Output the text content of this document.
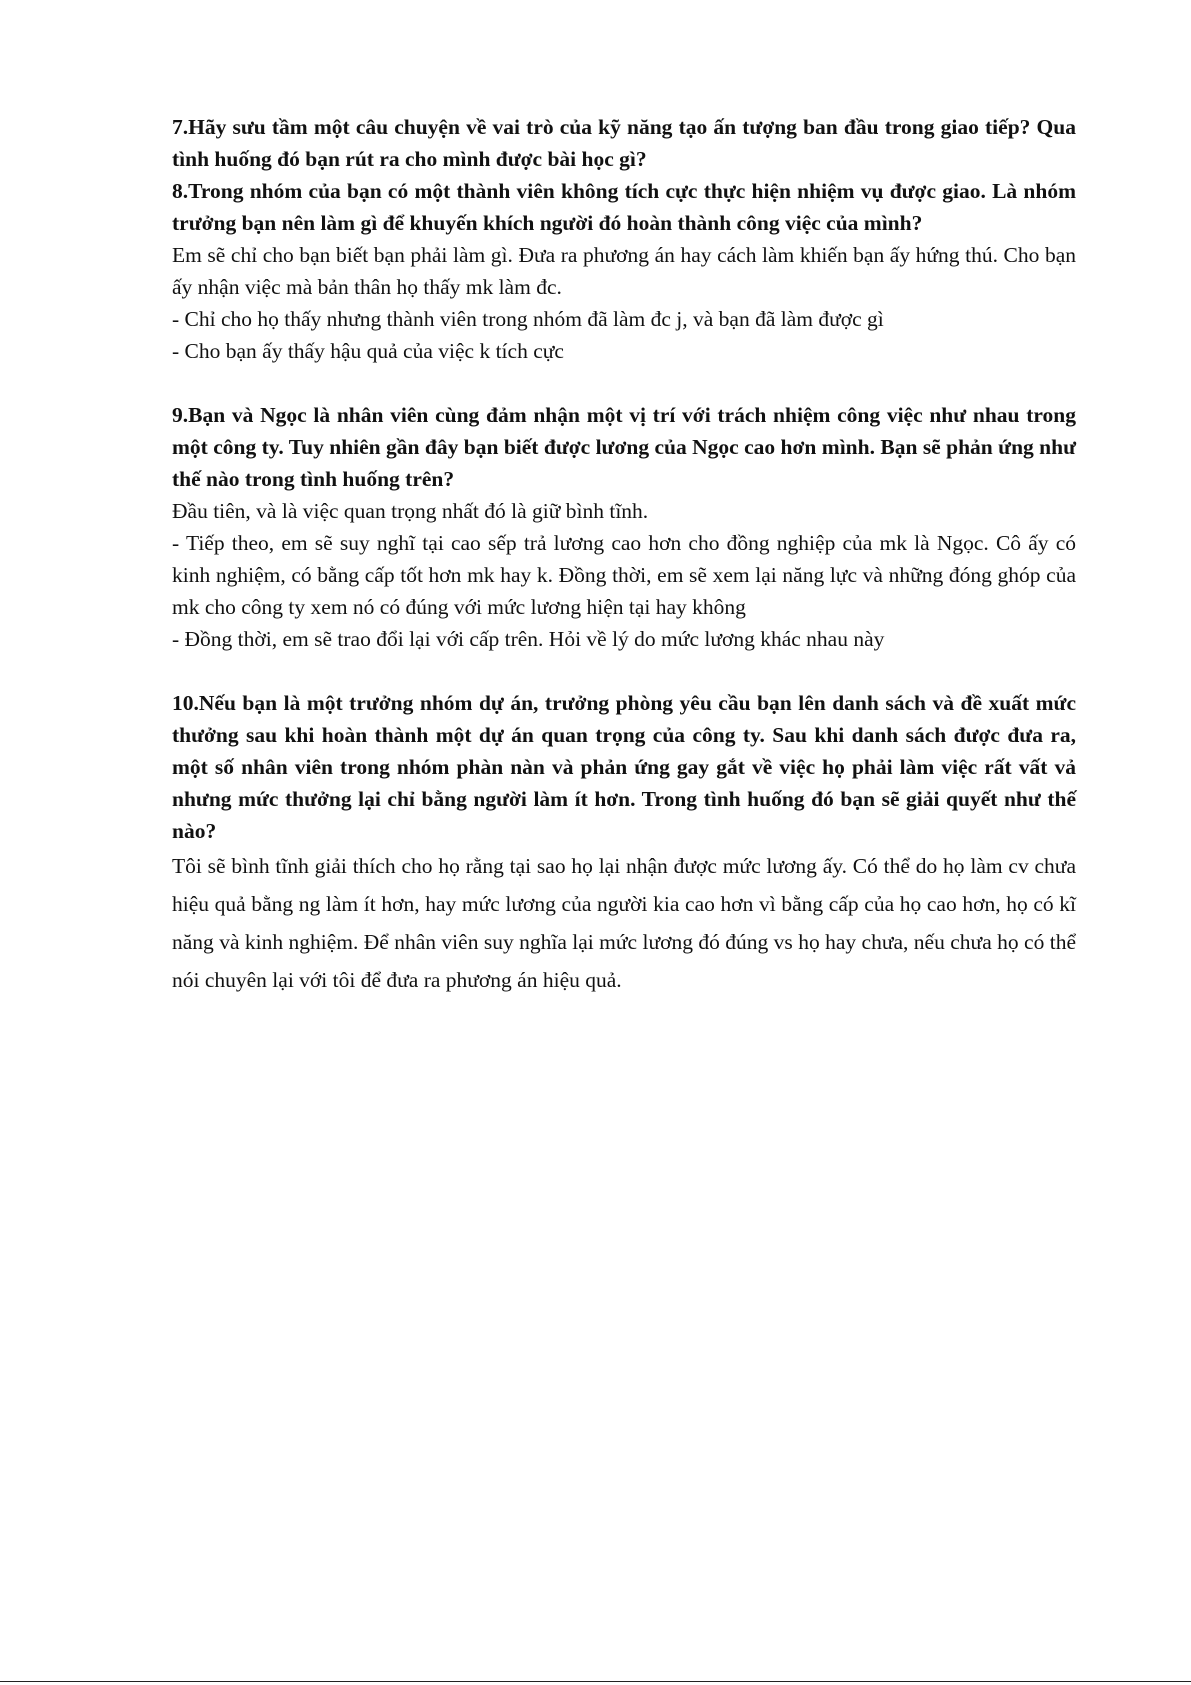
7.Hãy sưu tầm một câu chuyện về vai trò của kỹ năng tạo ấn tượng ban đầu trong giao tiếp? Qua tình huống đó bạn rút ra cho mình được bài học gì?

8.Trong nhóm của bạn có một thành viên không tích cực thực hiện nhiệm vụ được giao. Là nhóm trưởng bạn nên làm gì để khuyến khích người đó hoàn thành công việc của mình?

Em sẽ chỉ cho bạn biết bạn phải làm gì. Đưa ra phương án hay cách làm khiến bạn ấy hứng thú. Cho bạn ấy nhận việc mà bản thân họ thấy mk làm đc.

- Chỉ cho họ thấy nhưng thành viên trong nhóm đã làm đc j, và bạn đã làm được gì

- Cho bạn ấy thấy hậu quả của việc k tích cực

9.Bạn và Ngọc là nhân viên cùng đảm nhận một vị trí với trách nhiệm công việc như nhau trong một công ty. Tuy nhiên gần đây bạn biết được lương của Ngọc cao hơn mình. Bạn sẽ phản ứng như thế nào trong tình huống trên?

Đầu tiên, và là việc quan trọng nhất đó là giữ bình tĩnh.

- Tiếp theo, em sẽ suy nghĩ tại cao sếp trả lương cao hơn cho đồng nghiệp của mk là Ngọc. Cô ấy có kinh nghiệm, có bằng cấp tốt hơn mk hay k. Đồng thời, em sẽ xem lại năng lực và những đóng ghóp của mk cho công ty xem nó có đúng với mức lương hiện tại hay không

- Đồng thời, em sẽ trao đổi lại với cấp trên. Hỏi về lý do mức lương khác nhau này

10.Nếu bạn là một trưởng nhóm dự án, trưởng phòng yêu cầu bạn lên danh sách và đề xuất mức thưởng sau khi hoàn thành một dự án quan trọng của công ty. Sau khi danh sách được đưa ra, một số nhân viên trong nhóm phàn nàn và phản ứng gay gắt về việc họ phải làm việc rất vất vả nhưng mức thưởng lại chỉ bằng người làm ít hơn. Trong tình huống đó bạn sẽ giải quyết như thế nào?

Tôi sẽ bình tĩnh giải thích cho họ rằng tại sao họ lại nhận được mức lương ấy. Có thể do họ làm cv chưa hiệu quả bằng ng làm ít hơn, hay mức lương của người kia cao hơn vì bằng cấp của họ cao hơn, họ có kĩ năng và kinh nghiệm. Để nhân viên suy nghĩa lại mức lương đó đúng vs họ hay chưa, nếu chưa họ có thể nói chuyên lại với tôi để đưa ra phương án hiệu quả.
